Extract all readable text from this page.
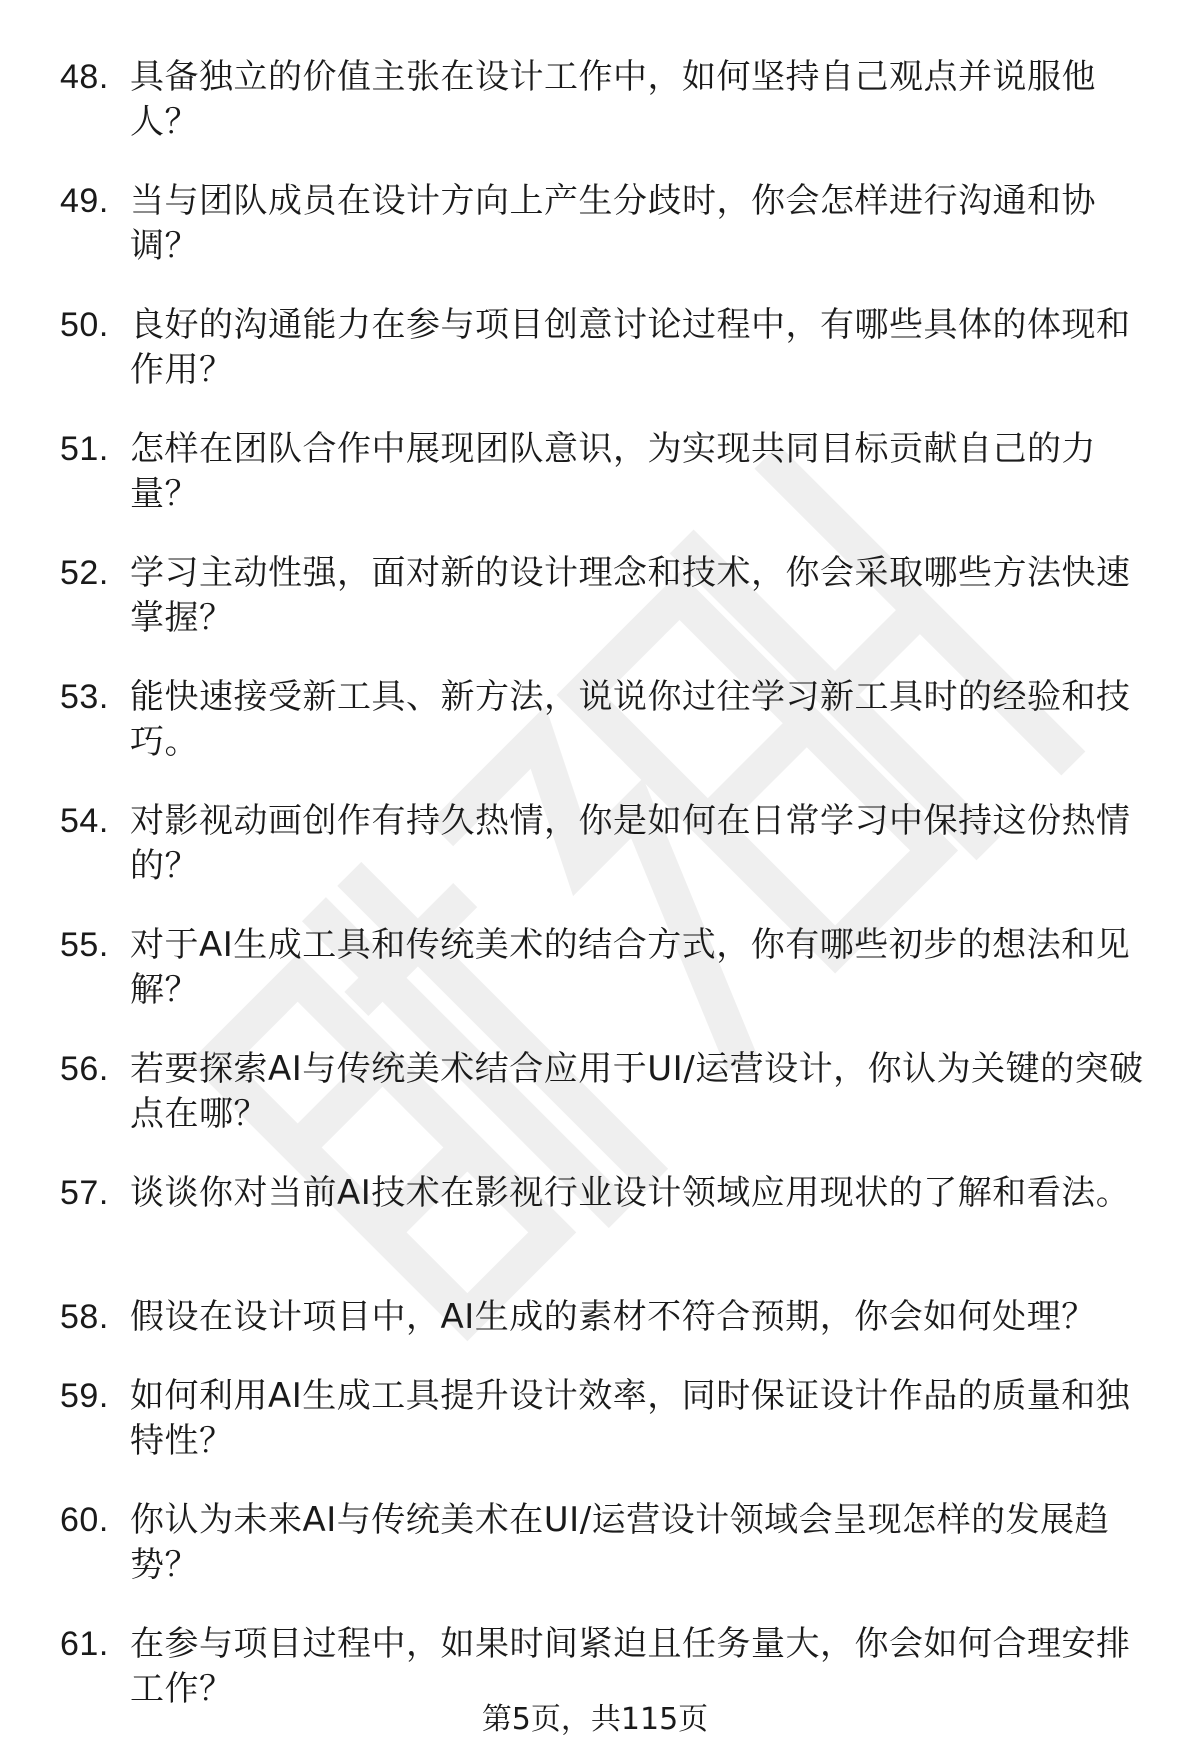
48. 具备独立的价值主张在设计工作中，如何坚持自己观点并说服他人？
49. 当与团队成员在设计方向上产生分歧时，你会怎样进行沟通和协调？
50. 良好的沟通能力在参与项目创意讨论过程中，有哪些具体的体现和作用？
51. 怎样在团队合作中展现团队意识，为实现共同目标贡献自己的力量？
52. 学习主动性强，面对新的设计理念和技术，你会采取哪些方法快速掌握？
53. 能快速接受新工具、新方法，说说你过往学习新工具时的经验和技巧。
54. 对影视动画创作有持久热情，你是如何在日常学习中保持这份热情的？
55. 对于AI生成工具和传统美术的结合方式，你有哪些初步的想法和见解？
56. 若要探索AI与传统美术结合应用于UI/运营设计，你认为关键的突破点在哪？
57. 谈谈你对当前AI技术在影视行业设计领域应用现状的了解和看法。
58. 假设在设计项目中，AI生成的素材不符合预期，你会如何处理？
59. 如何利用AI生成工具提升设计效率，同时保证设计作品的质量和独特性？
60. 你认为未来AI与传统美术在UI/运营设计领域会呈现怎样的发展趋势？
61. 在参与项目过程中，如果时间紧迫且任务量大，你会如何合理安排工作？
第5页，共115页
